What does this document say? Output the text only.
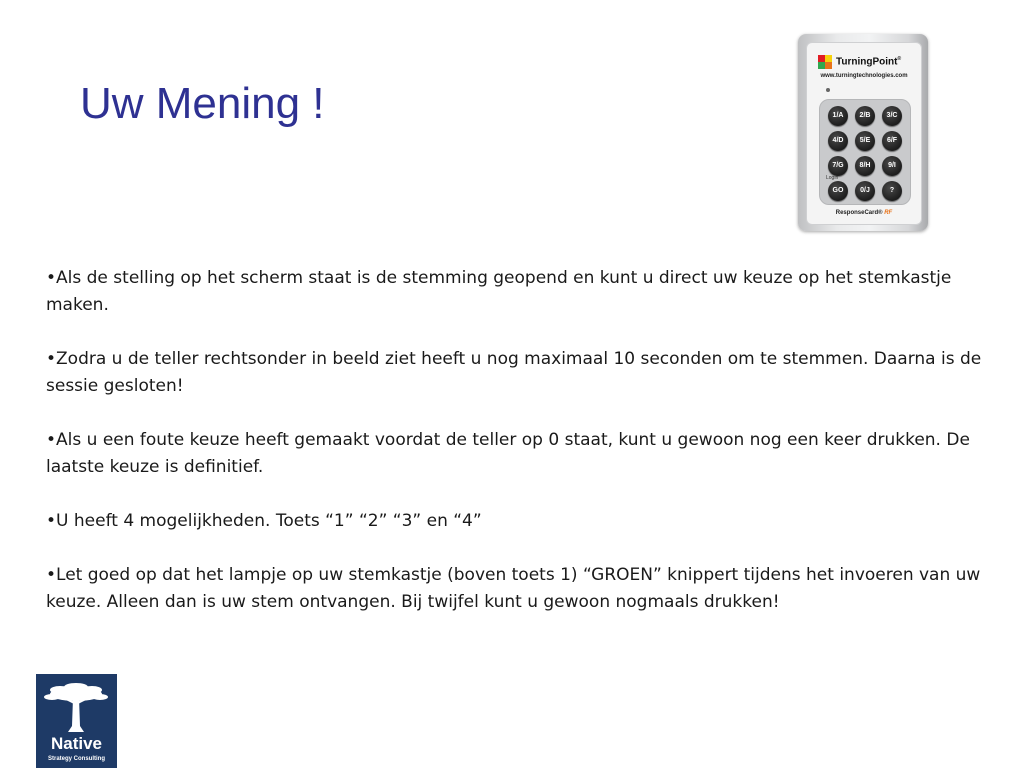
Uw Mening !

•Als de stelling op het scherm staat is de stemming geopend en kunt u direct uw keuze op het stemkastje maken.

•Zodra u de teller rechtsonder in beeld ziet heeft u nog maximaal 10 seconden om te stemmen. Daarna is de sessie gesloten!

•Als u een foute keuze heeft gemaakt voordat de teller op 0 staat, kunt u gewoon nog een keer drukken. De laatste keuze is definitief.

•U heeft 4 mogelijkheden. Toets “1” “2” “3” en “4”

•Let goed op dat het lampje op uw stemkastje (boven toets 1) “GROEN” knippert tijdens het invoeren van uw keuze. Alleen dan is uw stem ontvangen. Bij twijfel kunt u gewoon nogmaals drukken!

TurningPoint®
www.turningtechnologies.com
1/A	2/B	3/C
4/D	5/E	6/F
7/G	8/H	9/I
Login
GO	0/J	?
ResponseCard® RF
Native
Strategy Consulting
